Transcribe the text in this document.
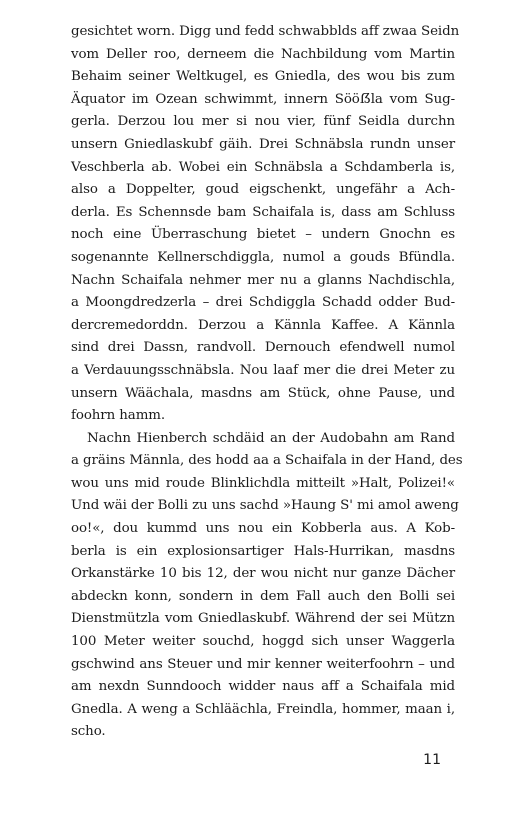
gesichtet worn. Digg und fedd schwabblds aff zwaa Seidn
vom Deller roo, derneem die Nachbildung vom Martin
Behaim seiner Weltkugel, es Gniedla, des wou bis zum
Äquator im Ozean schwimmt, innern Sööẞla vom Sug-
gerla. Derzou lou mer si nou vier, fünf Seidla durchn
unsern Gniedlaskubf gäih. Drei Schnäbsla rundn unser
Veschberla ab. Wobei ein Schnäbsla a Schdamberla is,
also a Doppelter, goud eigschenkt, ungefähr a Ach-
derla. Es Schennsde bam Schaifala is, dass am Schluss
noch eine Überraschung bietet – undern Gnochn es
sogenannte Kellnerschdiggla, numol a gouds Bfündla.
Nachn Schaifala nehmer mer nu a glanns Nachdischla,
a Moongdredzerla – drei Schdiggla Schadd odder Bud-
dercremedorddn. Derzou a Kännla Kaffee. A Kännla
sind drei Dassn, randvoll. Dernouch efendwell numol
a Verdauungsschnäbsla. Nou laaf mer die drei Meter zu
unsern Wäächala, masdns am Stück, ohne Pause, und
foohrn hamm.
Nachn Hienberch schdäid an der Audobahn am Rand
a gräins Männla, des hodd aa a Schaifala in der Hand, des
wou uns mid roude Blinklichdla mitteilt »Halt, Polizei!«
Und wäi der Bolli zu uns sachd »Haung S' mi amol aweng
oo!«, dou kummd uns nou ein Kobberla aus. A Kob-
berla is ein explosionsartiger Hals-Hurrikan, masdns
Orkanstärke 10 bis 12, der wou nicht nur ganze Dächer
abdeckn konn, sondern in dem Fall auch den Bolli sei
Dienstmützla vom Gniedlaskubf. Während der sei Mützn
100 Meter weiter souchd, hoggd sich unser Waggerla
gschwind ans Steuer und mir kenner weiterfoohrn – und
am nexdn Sunndooch widder naus aff a Schaifala mid
Gnedla. A weng a Schläächla, Freindla, hommer, maan i,
scho.
11
